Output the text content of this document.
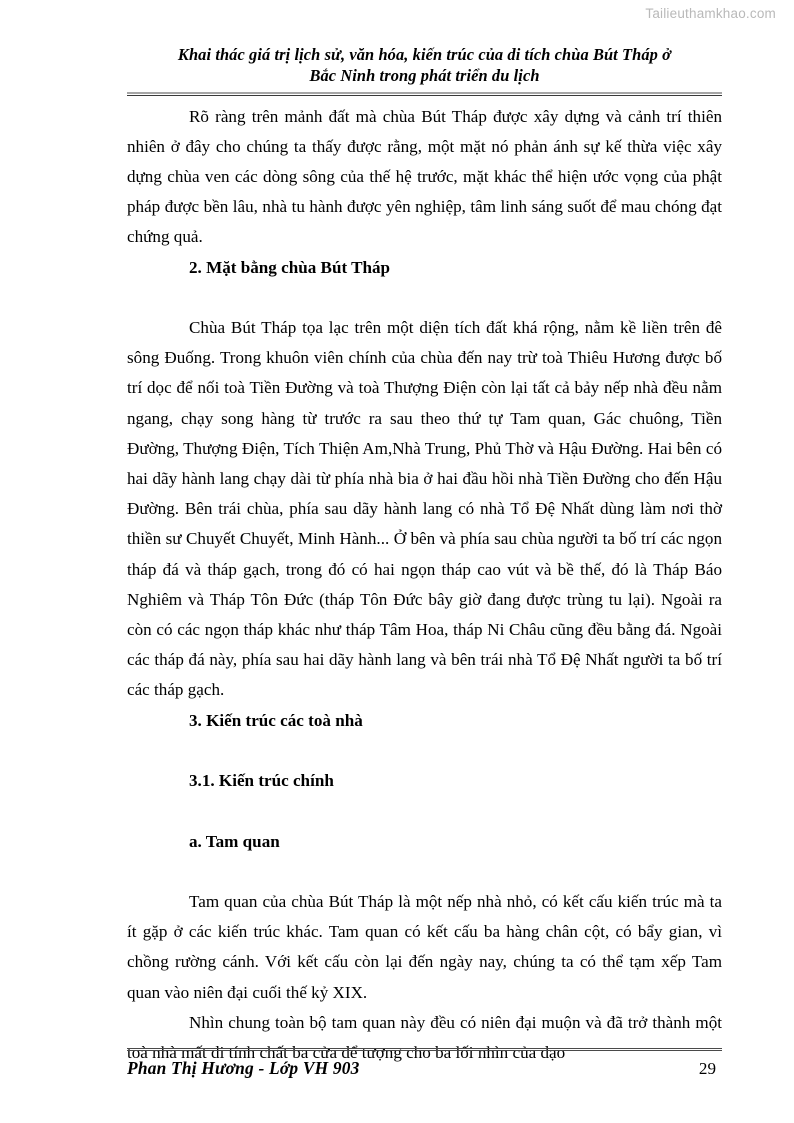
Tailieuthamkhao.com
Khai thác giá trị lịch sử, văn hóa, kiến trúc của di tích chùa Bút Tháp ở
Bắc Ninh trong phát triển du lịch

Rõ ràng trên mảnh đất mà chùa Bút Tháp được xây dựng và cảnh trí thiên nhiên ở đây cho chúng ta thấy được rằng, một mặt nó phản ánh sự kế thừa việc xây dựng chùa ven các dòng sông của thế hệ trước, mặt khác thể hiện ước vọng của phật pháp được bền lâu, nhà tu hành được yên nghiệp, tâm linh sáng suốt để mau chóng đạt chứng quả.

2. Mặt bằng chùa Bút Tháp

Chùa Bút Tháp tọa lạc trên một diện tích đất khá rộng, nằm kề liền trên đê sông Đuống. Trong khuôn viên chính của chùa đến nay trừ toà Thiêu Hương được bố trí dọc để nối toà Tiền Đường và toà Thượng Điện còn lại tất cả bảy nếp nhà đều nằm ngang, chạy song hàng từ trước ra sau theo thứ tự Tam quan, Gác chuông, Tiền Đường, Thượng Điện, Tích Thiện Am,Nhà Trung, Phủ Thờ và Hậu Đường. Hai bên có hai dãy hành lang chạy dài từ phía nhà bia ở hai đầu hồi nhà Tiền Đường cho đến Hậu Đường. Bên trái chùa, phía sau dãy hành lang có nhà Tổ Đệ Nhất dùng làm nơi thờ thiền sư Chuyết Chuyết, Minh Hành... Ở bên và phía sau chùa người ta bố trí các ngọn tháp đá và tháp gạch, trong đó có hai ngọn tháp cao vút và bề thế, đó là Tháp Báo Nghiêm và Tháp Tôn Đức (tháp Tôn Đức bây giờ đang được trùng tu lại). Ngoài ra còn có các ngọn tháp khác như tháp Tâm Hoa, tháp Ni Châu cũng đều bằng đá. Ngoài các tháp đá này, phía sau hai dãy hành lang và bên trái nhà Tổ Đệ Nhất người ta bố trí các tháp gạch.

3. Kiến trúc các toà nhà

3.1. Kiến trúc chính

a. Tam quan

Tam quan của chùa Bút Tháp là một nếp nhà nhỏ, có kết cấu kiến trúc mà ta ít gặp ở các kiến trúc khác. Tam quan có kết cấu ba hàng chân cột, có bẩy gian, vì chồng rường cánh. Với kết cấu còn lại đến ngày nay, chúng ta có thể tạm xếp Tam quan vào niên đại cuối thế kỷ XIX.

Nhìn chung toàn bộ tam quan này đều có niên đại muộn và đã trở thành một toà nhà mất đi tính chất ba cửa để tượng cho ba lối nhìn của đạo

Phan Thị Hương - Lớp VH 903	29
